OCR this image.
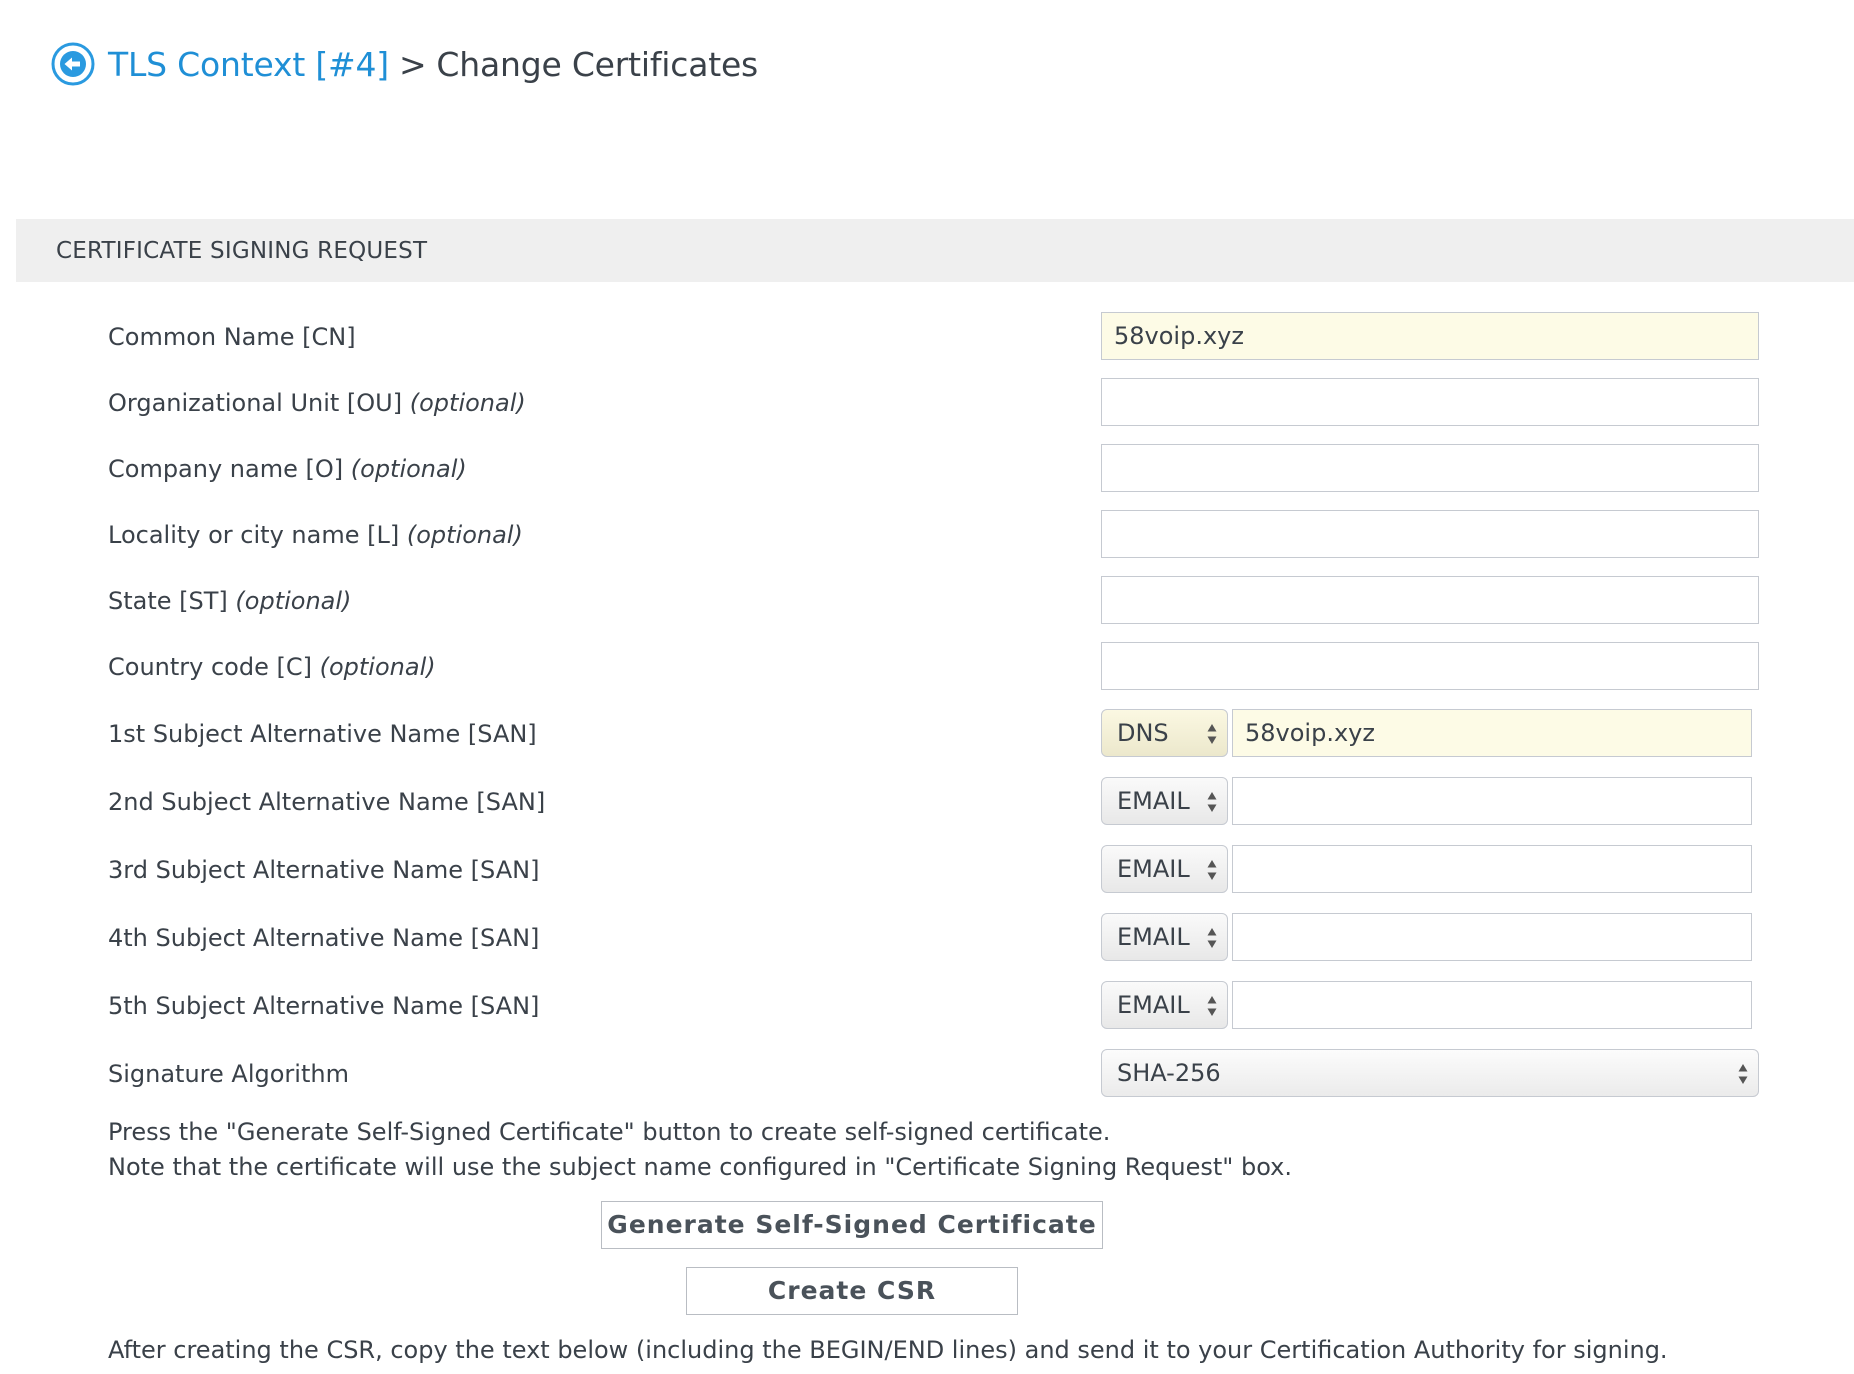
TLS Context [#4] > Change Certificates
CERTIFICATE SIGNING REQUEST
Common Name [CN]	58voip.xyz
Organizational Unit [OU] (optional)
Company name [O] (optional)
Locality or city name [L] (optional)
State [ST] (optional)
Country code [C] (optional)
1st Subject Alternative Name [SAN]	DNS	58voip.xyz
2nd Subject Alternative Name [SAN]	EMAIL
3rd Subject Alternative Name [SAN]	EMAIL
4th Subject Alternative Name [SAN]	EMAIL
5th Subject Alternative Name [SAN]	EMAIL
Signature Algorithm	SHA-256
Press the "Generate Self-Signed Certificate" button to create self-signed certificate.
Note that the certificate will use the subject name configured in "Certificate Signing Request" box.
Generate Self-Signed Certificate
Create CSR
After creating the CSR, copy the text below (including the BEGIN/END lines) and send it to your Certification Authority for signing.
